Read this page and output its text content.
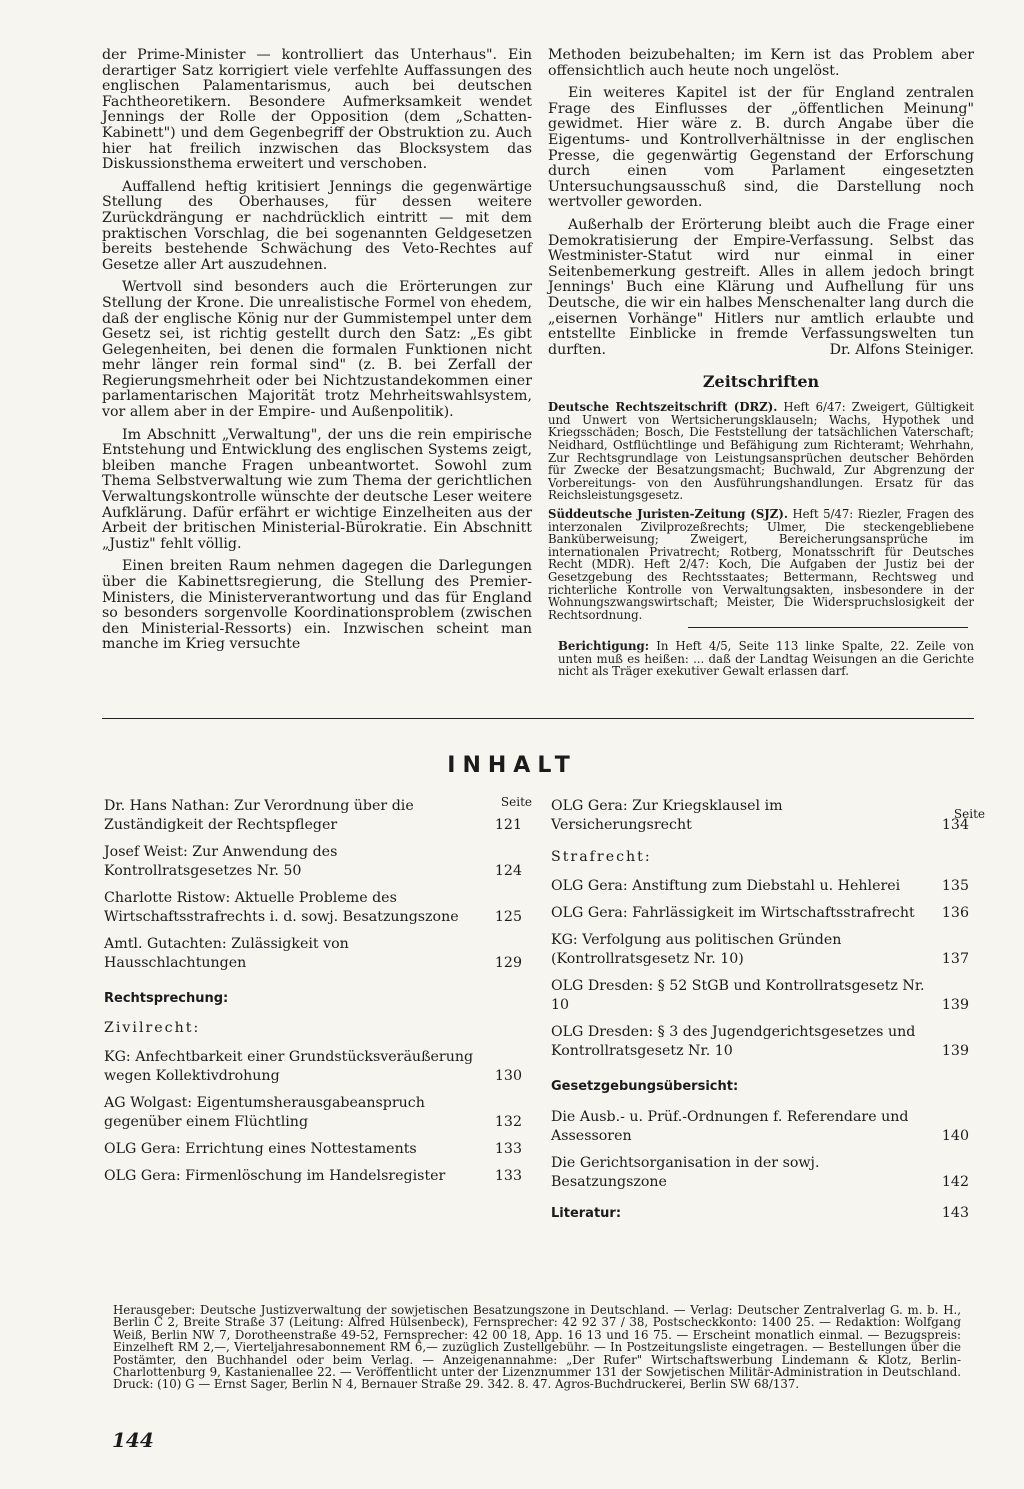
der Prime-Minister — kontrolliert das Unterhaus". Ein derartiger Satz korrigiert viele verfehlte Auffassungen des englischen Palamentarismus, auch bei deutschen Fachtheoretikern. Besondere Aufmerksamkeit wendet Jennings der Rolle der Opposition (dem „Schatten-Kabinett") und dem Gegenbegriff der Obstruktion zu. Auch hier hat freilich inzwischen das Blocksystem das Diskussionsthema erweitert und verschoben.

Auffallend heftig kritisiert Jennings die gegenwärtige Stellung des Oberhauses, für dessen weitere Zurückdrängung er nachdrücklich eintritt — mit dem praktischen Vorschlag, die bei sogenannten Geldgesetzen bereits bestehende Schwächung des Veto-Rechtes auf Gesetze aller Art auszudehnen.

Wertvoll sind besonders auch die Erörterungen zur Stellung der Krone. Die unrealistische Formel von ehedem, daß der englische König nur der Gummistempel unter dem Gesetz sei, ist richtig gestellt durch den Satz: „Es gibt Gelegenheiten, bei denen die formalen Funktionen nicht mehr länger rein formal sind" (z. B. bei Zerfall der Regierungsmehrheit oder bei Nichtzustandekommen einer parlamentarischen Majorität trotz Mehrheitswahlsystem, vor allem aber in der Empire- und Außenpolitik).

Im Abschnitt „Verwaltung", der uns die rein empirische Entstehung und Entwicklung des englischen Systems zeigt, bleiben manche Fragen unbeantwortet. Sowohl zum Thema Selbstverwaltung wie zum Thema der gerichtlichen Verwaltungskontrolle wünschte der deutsche Leser weitere Aufklärung. Dafür erfährt er wichtige Einzelheiten aus der Arbeit der britischen Ministerial-Bürokratie. Ein Abschnitt „Justiz" fehlt völlig.

Einen breiten Raum nehmen dagegen die Darlegungen über die Kabinettsregierung, die Stellung des Premier-Ministers, die Ministerverantwortung und das für England so besonders sorgenvolle Koordinationsproblem (zwischen den Ministerial-Ressorts) ein. Inzwischen scheint man manche im Krieg versuchte

Methoden beizubehalten; im Kern ist das Problem aber offensichtlich auch heute noch ungelöst.

Ein weiteres Kapitel ist der für England zentralen Frage des Einflusses der „öffentlichen Meinung" gewidmet. Hier wäre z. B. durch Angabe über die Eigentums- und Kontrollverhältnisse in der englischen Presse, die gegenwärtig Gegenstand der Erforschung durch einen vom Parlament eingesetzten Untersuchungsausschuß sind, die Darstellung noch wertvoller geworden.

Außerhalb der Erörterung bleibt auch die Frage einer Demokratisierung der Empire-Verfassung. Selbst das Westminister-Statut wird nur einmal in einer Seitenbemerkung gestreift. Alles in allem jedoch bringt Jennings' Buch eine Klärung und Aufhellung für uns Deutsche, die wir ein halbes Menschenalter lang durch die „eisernen Vorhänge" Hitlers nur amtlich erlaubte und entstellte Einblicke in fremde Verfassungswelten tun durften.	Dr. Alfons Steiniger.

Zeitschriften

Deutsche Rechtszeitschrift (DRZ). Heft 6/47: Zweigert, Gültigkeit und Unwert von Wertsicherungsklauseln; Wachs, Hypothek und Kriegsschäden; Bosch, Die Feststellung der tatsächlichen Vaterschaft; Neidhard, Ostflüchtlinge und Befähigung zum Richteramt; Wehrhahn, Zur Rechtsgrundlage von Leistungsansprüchen deutscher Behörden für Zwecke der Besatzungsmacht; Buchwald, Zur Abgrenzung der Vorbereitungs- von den Ausführungshandlungen. Ersatz für das Reichsleistungsgesetz.

Süddeutsche Juristen-Zeitung (SJZ). Heft 5/47: Riezler, Fragen des interzonalen Zivilprozeßrechts; Ulmer, Die steckengebliebene Banküberweisung; Zweigert, Bereicherungsansprüche im internationalen Privatrecht; Rotberg, Monatsschrift für Deutsches Recht (MDR). Heft 2/47: Koch, Die Aufgaben der Justiz bei der Gesetzgebung des Rechtsstaates; Bettermann, Rechtsweg und richterliche Kontrolle von Verwaltungsakten, insbesondere in der Wohnungszwangswirtschaft; Meister, Die Widerspruchslosigkeit der Rechtsordnung.

Berichtigung: In Heft 4/5, Seite 113 linke Spalte, 22. Zeile von unten muß es heißen: ... daß der Landtag Weisungen an die Gerichte nicht als Träger exekutiver Gewalt erlassen darf.

INHALT
Seite
Dr. Hans Nathan: Zur Verordnung über die Zuständigkeit der Rechtspfleger	121
Josef Weist: Zur Anwendung des Kontrollratsgesetzes Nr. 50	124
Charlotte Ristow: Aktuelle Probleme des Wirtschaftsstrafrechts i. d. sowj. Besatzungszone	125
Amtl. Gutachten: Zulässigkeit von Hausschlachtungen	129
Rechtsprechung:
Zivilrecht:
KG: Anfechtbarkeit einer Grundstücksveräußerung wegen Kollektivdrohung	130
AG Wolgast: Eigentumsherausgabeanspruch gegenüber einem Flüchtling	132
OLG Gera: Errichtung eines Nottestaments	133
OLG Gera: Firmenlöschung im Handelsregister	133
Seite
OLG Gera: Zur Kriegsklausel im Versicherungsrecht	134
Strafrecht:
OLG Gera: Anstiftung zum Diebstahl u. Hehlerei	135
OLG Gera: Fahrlässigkeit im Wirtschaftsstrafrecht	136
KG: Verfolgung aus politischen Gründen (Kontrollratsgesetz Nr. 10)	137
OLG Dresden: § 52 StGB und Kontrollratsgesetz Nr. 10	139
OLG Dresden: § 3 des Jugendgerichtsgesetzes und Kontrollratsgesetz Nr. 10	139
Gesetzgebungsübersicht:
Die Ausb.- u. Prüf.-Ordnungen f. Referendare und Assessoren	140
Die Gerichtsorganisation in der sowj. Besatzungszone	142
Literatur:	143
Herausgeber: Deutsche Justizverwaltung der sowjetischen Besatzungszone in Deutschland. — Verlag: Deutscher Zentralverlag G. m. b. H., Berlin C 2, Breite Straße 37 (Leitung: Alfred Hülsenbeck), Fernsprecher: 42 92 37 / 38, Postscheckkonto: 1400 25. — Redaktion: Wolfgang Weiß, Berlin NW 7, Dorotheenstraße 49-52, Fernsprecher: 42 00 18, App. 16 13 und 16 75. — Erscheint monatlich einmal. — Bezugspreis: Einzelheft RM 2,—, Vierteljahresabonnement RM 6,— zuzüglich Zustellgebühr. — In Postzeitungsliste eingetragen. — Bestellungen über die Postämter, den Buchhandel oder beim Verlag. — Anzeigenannahme: „Der Rufer" Wirtschaftswerbung Lindemann & Klotz, Berlin-Charlottenburg 9, Kastanienallee 22. — Veröffentlicht unter der Lizenznummer 131 der Sowjetischen Militär-Administration in Deutschland. Druck: (10) G — Ernst Sager, Berlin N 4, Bernauer Straße 29. 342. 8. 47. Agros-Buchdruckerei, Berlin SW 68/137.
144
